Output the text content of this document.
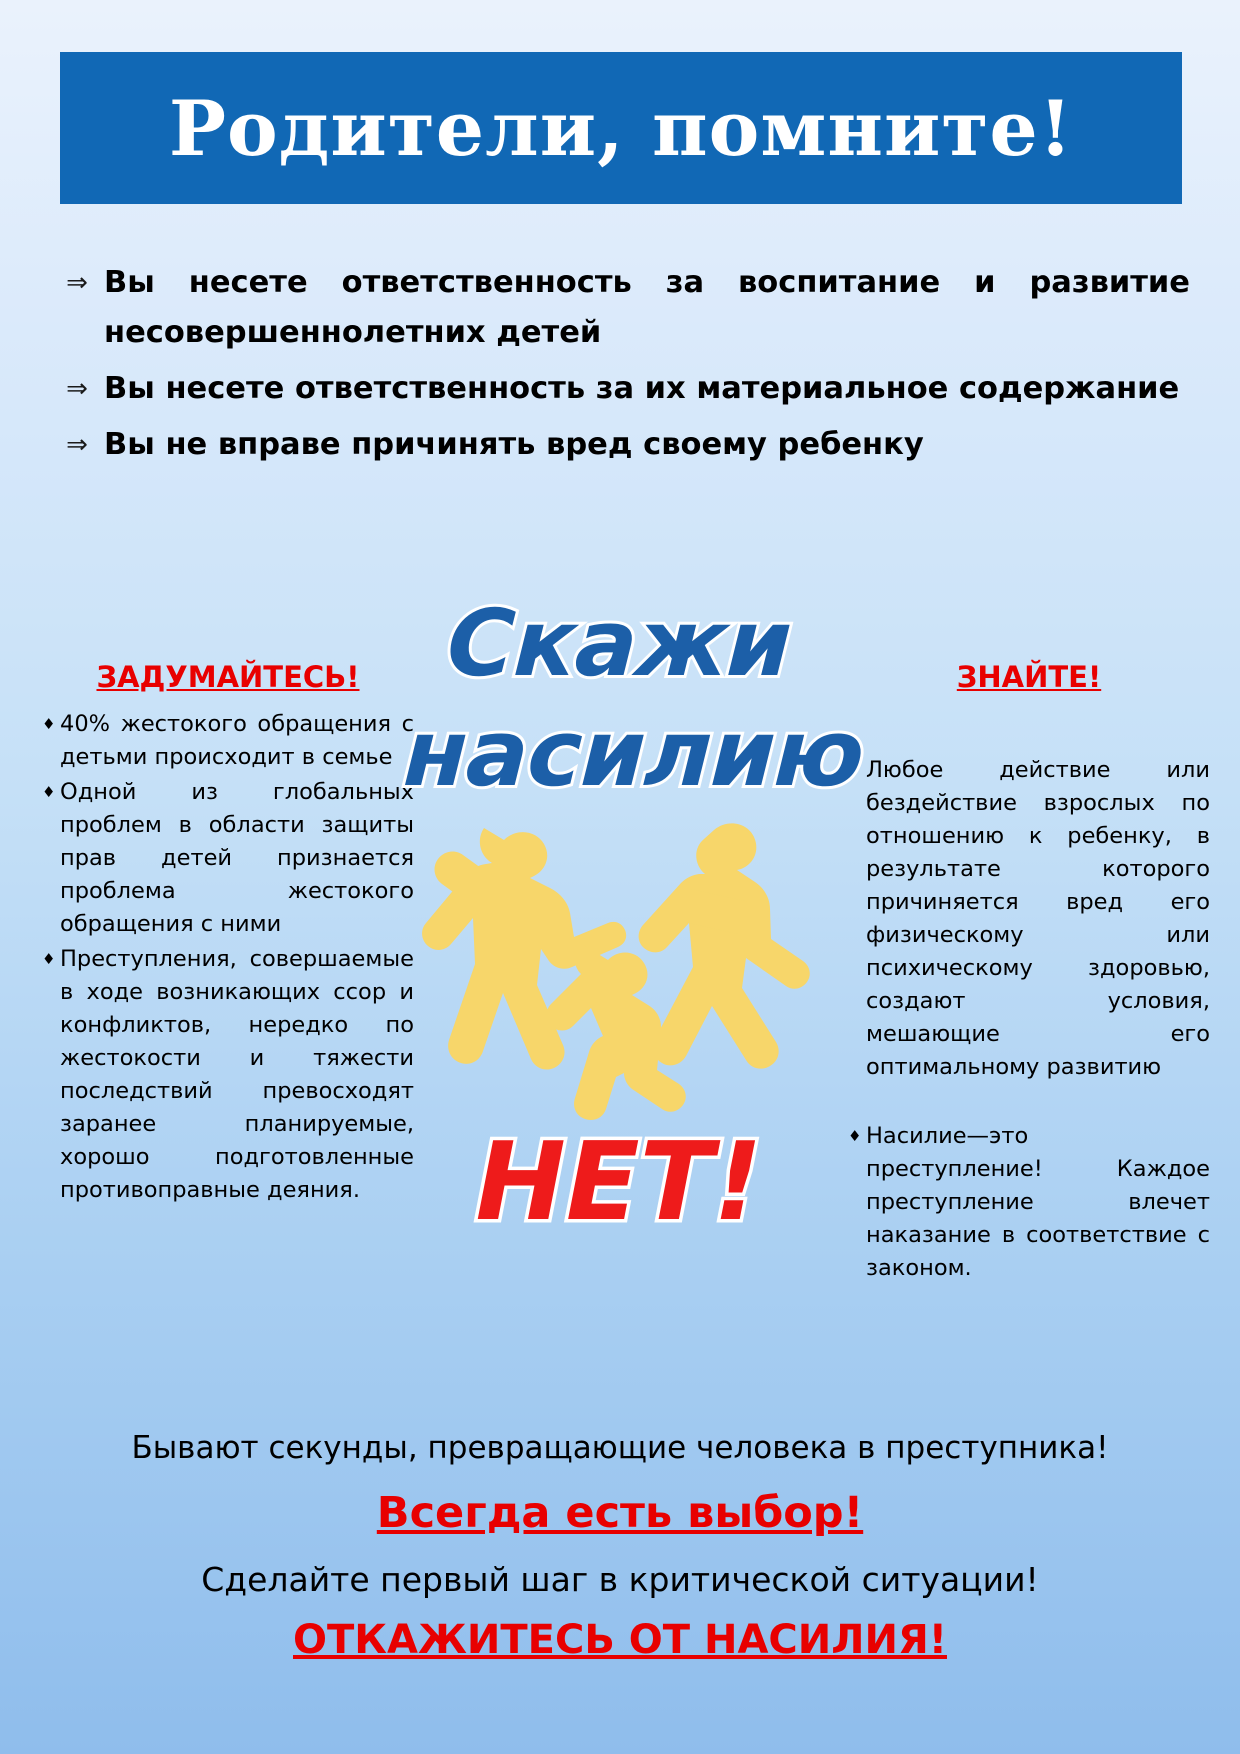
Родители, помните!
⇒ Вы несете ответственность за воспитание и развитие несовершеннолетних детей
⇒ Вы несете ответственность за их материальное содержание
⇒ Вы не вправе причинять вред своему ребенку
ЗАДУМАЙТЕСЬ!
♦ 40% жестокого обращения с детьми происходит в семье
♦ Одной из глобальных проблем в области защиты прав детей признается проблема жестокого обращения с ними
♦ Преступления, совершаемые в ходе возникающих ссор и конфликтов, нередко по жестокости и тяжести последствий превосходят заранее планируемые, хорошо подготовленные противоправные деяния.
ЗНАЙТЕ!
♦ Любое действие или бездействие взрослых по отношению к ребенку, в результате которого причиняется вред его физическому или психическому здоровью, создают условия, мешающие его оптимальному развитию
♦ Насилие—это преступление! Каждое преступление влечет наказание в соответствие с законом.
Скажи
насилию
НЕТ!
Бывают секунды, превращающие человека в преступника!
Всегда есть выбор!
Сделайте первый шаг в критической ситуации!
ОТКАЖИТЕСЬ ОТ НАСИЛИЯ!
